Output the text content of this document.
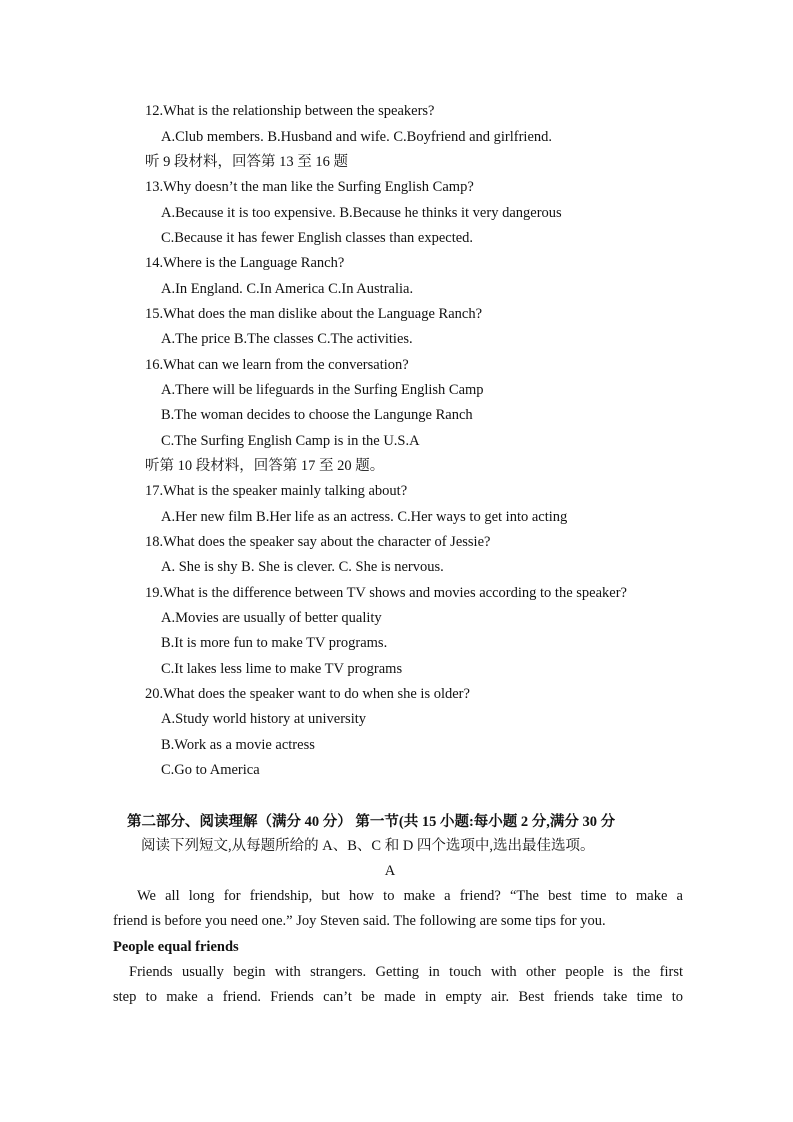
12.What is the relationship between the speakers?
A.Club members. B.Husband and wife. C.Boyfriend and girlfriend.
听 9 段材料，回答第 13 至 16 题
13.Why doesn’t the man like the Surfing English Camp?
A.Because it is too expensive. B.Because he thinks it very dangerous
C.Because it has fewer English classes than expected.
14.Where is the Language Ranch?
A.In England. C.In America C.In Australia.
15.What does the man dislike about the Language Ranch?
A.The price B.The classes C.The activities.
16.What can we learn from the conversation?
A.There will be lifeguards in the Surfing English Camp
B.The woman decides to choose the Langunge Ranch
C.The Surfing English Camp is in the U.S.A
听第 10 段材料，回答第 17 至 20 题。
17.What is the speaker mainly talking about?
A.Her new film B.Her life as an actress. C.Her ways to get into acting
18.What does the speaker say about the character of Jessie?
A. She is shy B. She is clever. C. She is nervous.
19.What is the difference between TV shows and movies according to the speaker?
A.Movies are usually of better quality
B.It is more fun to make TV programs.
C.It lakes less lime to make TV programs
20.What does the speaker want to do when she is older?
A.Study world history at university
B.Work as a movie actress
C.Go to America
第二部分、阅读理解（满分 40 分） 第一节(共 15 小题:每小题 2 分,满分 30 分
阅读下列短文,从每题所给的 A、B、C 和 D 四个选项中,选出最佳选项。
A
We all long for friendship, but how to make a friend? “The best time to make a
friend is before you need one.” Joy Steven said. The following are some tips for you.
People equal friends
Friends usually begin with strangers. Getting in touch with other people is the first
step to make a friend. Friends can’t be made in empty air. Best friends take time to
